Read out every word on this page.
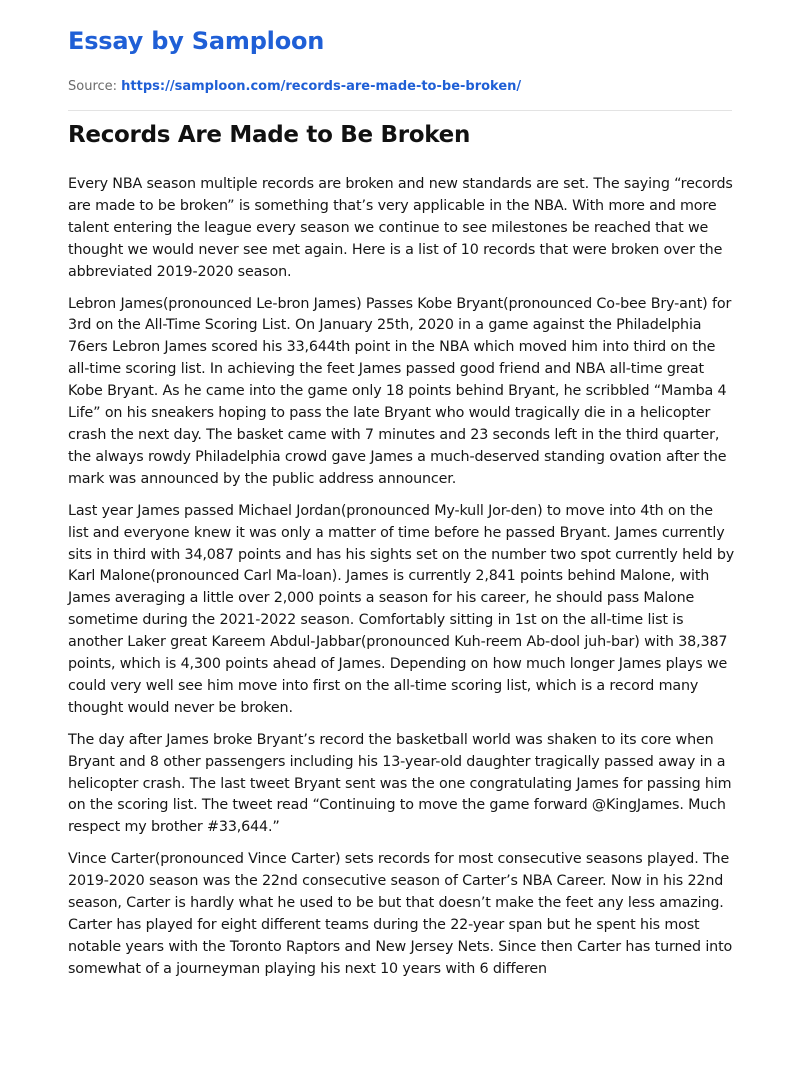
Essay by Samploon
Source: https://samploon.com/records-are-made-to-be-broken/
Records Are Made to Be Broken

Every NBA season multiple records are broken and new standards are set. The saying “records are made to be broken” is something that’s very applicable in the NBA. With more and more talent entering the league every season we continue to see milestones be reached that we thought we would never see met again. Here is a list of 10 records that were broken over the abbreviated 2019-2020 season.

Lebron James(pronounced Le-bron James) Passes Kobe Bryant(pronounced Co-bee Bry-ant) for 3rd on the All-Time Scoring List. On January 25th, 2020 in a game against the Philadelphia 76ers Lebron James scored his 33,644th point in the NBA which moved him into third on the all-time scoring list. In achieving the feet James passed good friend and NBA all-time great Kobe Bryant. As he came into the game only 18 points behind Bryant, he scribbled “Mamba 4 Life” on his sneakers hoping to pass the late Bryant who would tragically die in a helicopter crash the next day. The basket came with 7 minutes and 23 seconds left in the third quarter, the always rowdy Philadelphia crowd gave James a much-deserved standing ovation after the mark was announced by the public address announcer.

Last year James passed Michael Jordan(pronounced My-kull Jor-den) to move into 4th on the list and everyone knew it was only a matter of time before he passed Bryant. James currently sits in third with 34,087 points and has his sights set on the number two spot currently held by Karl Malone(pronounced Carl Ma-loan). James is currently 2,841 points behind Malone, with James averaging a little over 2,000 points a season for his career, he should pass Malone sometime during the 2021-2022 season. Comfortably sitting in 1st on the all-time list is another Laker great Kareem Abdul-Jabbar(pronounced Kuh-reem Ab-dool juh-bar) with 38,387 points, which is 4,300 points ahead of James. Depending on how much longer James plays we could very well see him move into first on the all-time scoring list, which is a record many thought would never be broken.

The day after James broke Bryant’s record the basketball world was shaken to its core when Bryant and 8 other passengers including his 13-year-old daughter tragically passed away in a helicopter crash. The last tweet Bryant sent was the one congratulating James for passing him on the scoring list. The tweet read “Continuing to move the game forward @KingJames. Much respect my brother #33,644.”

Vince Carter(pronounced Vince Carter) sets records for most consecutive seasons played. The 2019-2020 season was the 22nd consecutive season of Carter’s NBA Career. Now in his 22nd season, Carter is hardly what he used to be but that doesn’t make the feet any less amazing. Carter has played for eight different teams during the 22-year span but he spent his most notable years with the Toronto Raptors and New Jersey Nets. Since then Carter has turned into somewhat of a journeyman playing his next 10 years with 6 differen
